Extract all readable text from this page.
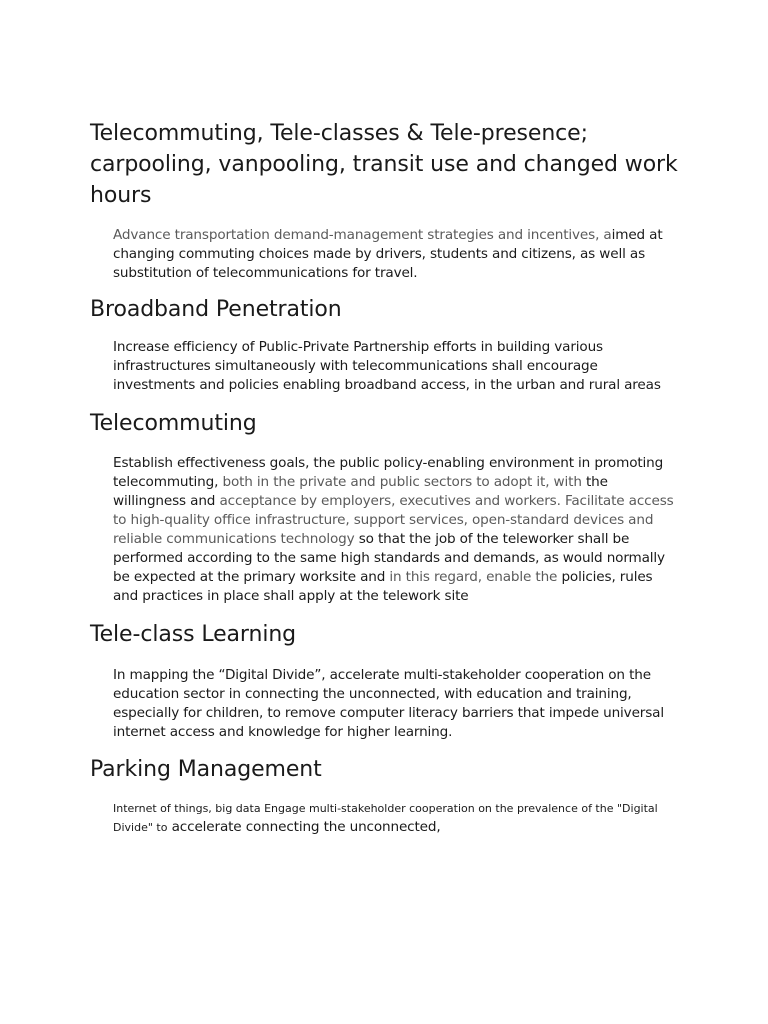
Telecommuting, Tele-classes & Tele-presence; carpooling, vanpooling, transit use and changed work hours

Advance transportation demand-management strategies and incentives, aimed at changing commuting choices made by drivers, students and citizens, as well as substitution of telecommunications for travel.

Broadband Penetration

Increase efficiency of Public-Private Partnership efforts in building various infrastructures simultaneously with telecommunications shall encourage investments and policies enabling broadband access, in the urban and rural areas

Telecommuting

Establish effectiveness goals, the public policy-enabling environment in promoting telecommuting, both in the private and public sectors to adopt it, with the willingness and acceptance by employers, executives and workers. Facilitate access to high-quality office infrastructure, support services, open-standard devices and reliable communications technology so that the job of the teleworker shall be performed according to the same high standards and demands, as would normally be expected at the primary worksite and in this regard, enable the policies, rules and practices in place shall apply at the telework site

Tele-class Learning

In mapping the “Digital Divide”, accelerate multi-stakeholder cooperation on the education sector in connecting the unconnected, with education and training, especially for children, to remove computer literacy barriers that impede universal internet access and knowledge for higher learning.

Parking Management

Internet of things, big data Engage multi-stakeholder cooperation on the prevalence of the "Digital Divide" to accelerate connecting the unconnected,
